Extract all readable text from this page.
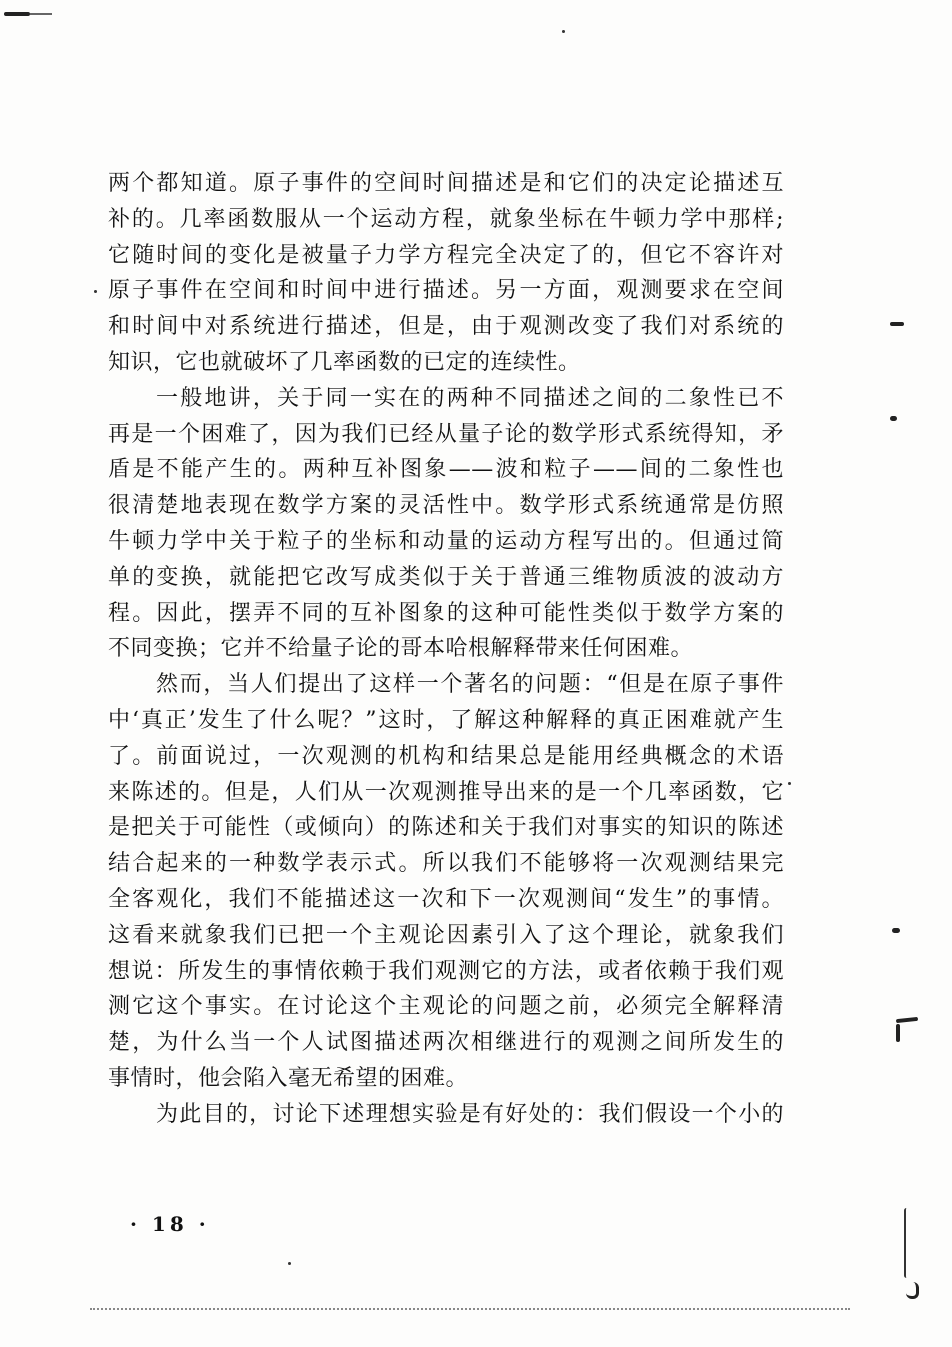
两个都知道。原子事件的空间时间描述是和它们的决定论描述互
补的。几率函数服从一个运动方程，就象坐标在牛顿力学中那样;
它随时间的变化是被量子力学方程完全决定了的，但它不容许对
原子事件在空间和时间中进行描述。另一方面，观测要求在空间
和时间中对系统进行描述，但是，由于观测改变了我们对系统的
知识，它也就破坏了几率函数的已定的连续性。
一般地讲，关于同一实在的两种不同描述之间的二象性已不
再是一个困难了，因为我们已经从量子论的数学形式系统得知，矛
盾是不能产生的。两种互补图象——波和粒子——间的二象性也
很清楚地表现在数学方案的灵活性中。数学形式系统通常是仿照
牛顿力学中关于粒子的坐标和动量的运动方程写出的。但通过简
单的变换，就能把它改写成类似于关于普通三维物质波的波动方
程。因此，摆弄不同的互补图象的这种可能性类似于数学方案的
不同变换；它并不给量子论的哥本哈根解释带来任何困难。
然而，当人们提出了这样一个著名的问题：“但是在原子事件
中‘真正’发生了什么呢？”这时，了解这种解释的真正困难就产生
了。前面说过，一次观测的机构和结果总是能用经典概念的术语
来陈述的。但是，人们从一次观测推导出来的是一个几率函数，它
是把关于可能性（或倾向）的陈述和关于我们对事实的知识的陈述
结合起来的一种数学表示式。所以我们不能够将一次观测结果完
全客观化，我们不能描述这一次和下一次观测间“发生”的事情。
这看来就象我们已把一个主观论因素引入了这个理论，就象我们
想说：所发生的事情依赖于我们观测它的方法，或者依赖于我们观
测它这个事实。在讨论这个主观论的问题之前，必须完全解释清
楚，为什么当一个人试图描述两次相继进行的观测之间所发生的
事情时，他会陷入毫无希望的困难。
为此目的，讨论下述理想实验是有好处的：我们假设一个小的
· 18 ·
